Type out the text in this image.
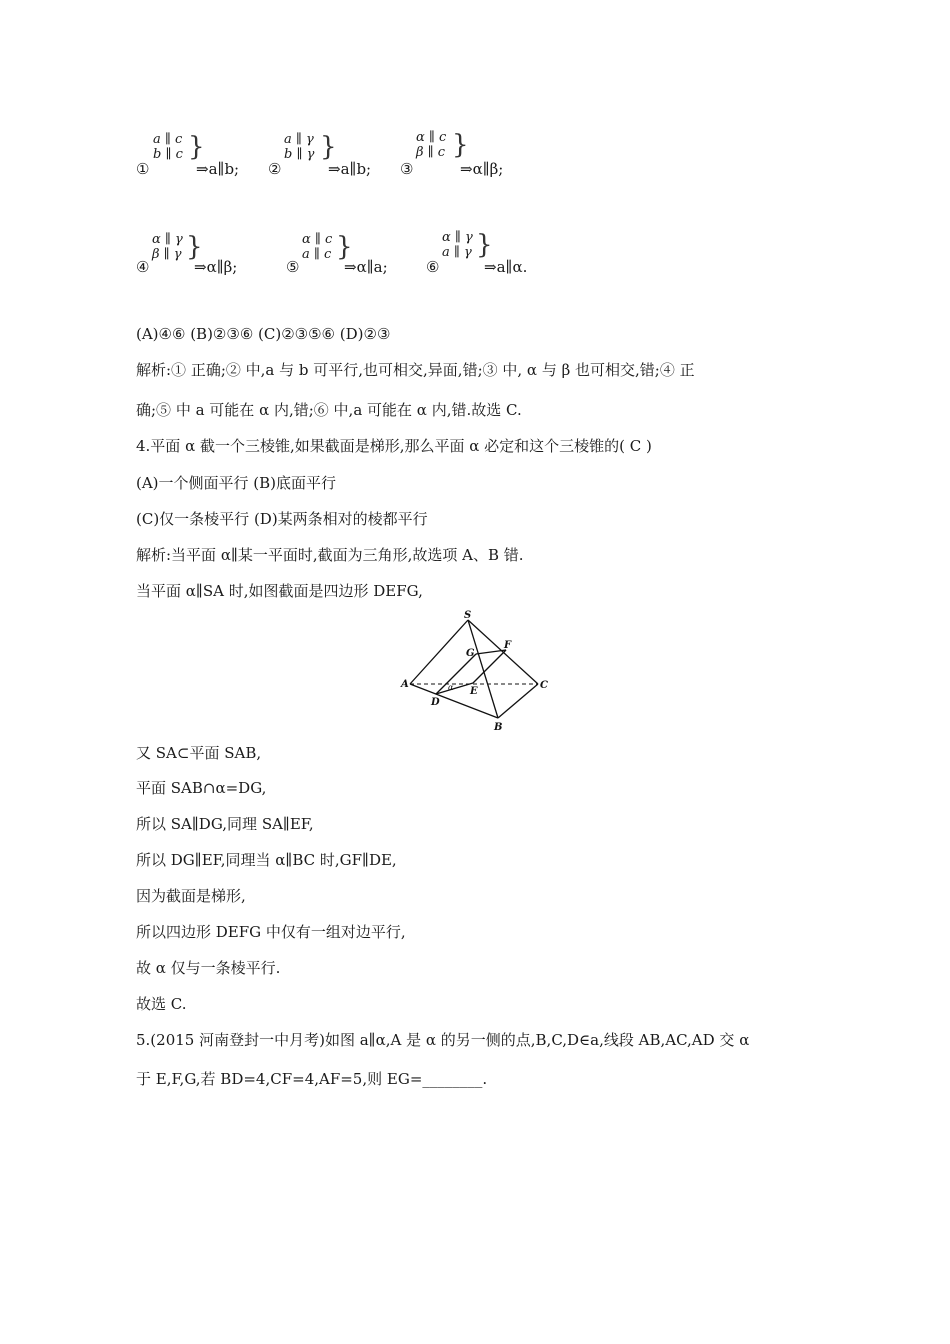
①
a ∥ c
b ∥ c }
⇒a∥b; ②
a ∥ γ
b ∥ γ }
⇒a∥b; ③
α ∥ c
β ∥ c }
⇒α∥β;
④
α ∥ γ
β ∥ γ }
⇒α∥β;	⑤
α ∥ c
a ∥ c }
⇒α∥a;	⑥
α ∥ γ
a ∥ γ }
⇒a∥α.
(A)④⑥ (B)②③⑥ (C)②③⑤⑥ (D)②③
解析:① 正确;② 中,a 与 b 可平行,也可相交,异面,错;③ 中, α 与 β 也可相交,错;④ 正
确;⑤ 中 a 可能在 α 内,错;⑥ 中,a 可能在 α 内,错.故选 C.
4.平面 α 截一个三棱锥,如果截面是梯形,那么平面 α 必定和这个三棱锥的( C )
(A)一个侧面平行 (B)底面平行
(C)仅一条棱平行 (D)某两条相对的棱都平行
解析:当平面 α∥某一平面时,截面为三角形,故选项 A、B 错.
当平面 α∥SA 时,如图截面是四边形 DEFG,
S
A
B
C
D
E
F
G
α
又 SA⊂平面 SAB,
平面 SAB∩α=DG,
所以 SA∥DG,同理 SA∥EF,
所以 DG∥EF,同理当 α∥BC 时,GF∥DE,
因为截面是梯形,
所以四边形 DEFG 中仅有一组对边平行,
故 α 仅与一条棱平行.
故选 C.
5.(2015 河南登封一中月考)如图 a∥α,A 是 α 的另一侧的点,B,C,D∈a,线段 AB,AC,AD 交 α
于 E,F,G,若 BD=4,CF=4,AF=5,则 EG=________.
